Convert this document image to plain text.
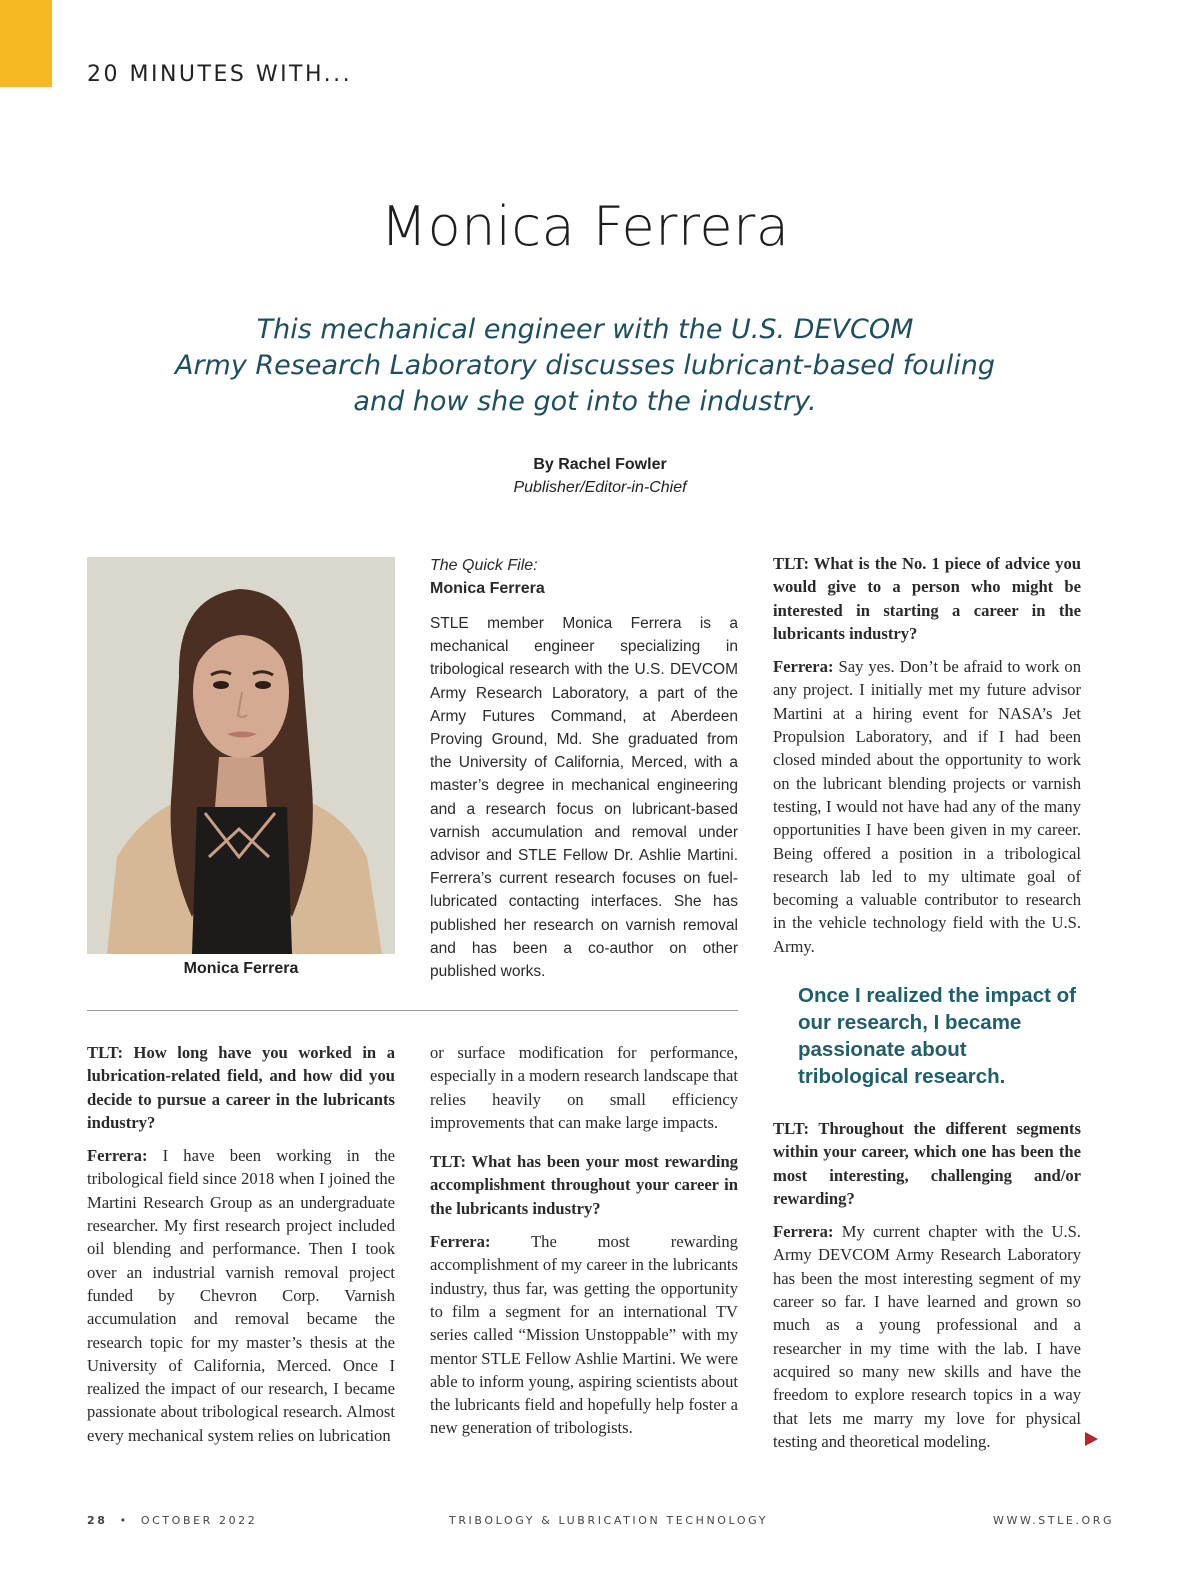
20 MINUTES WITH...
Monica Ferrera
This mechanical engineer with the U.S. DEVCOM
Army Research Laboratory discusses lubricant-based fouling
and how she got into the industry.
By Rachel Fowler
Publisher/Editor-in-Chief
Monica Ferrera
The Quick File:
Monica Ferrera

STLE member Monica Ferrera is a mechanical engineer specializing in tribological research with the U.S. DEVCOM Army Research Laboratory, a part of the Army Futures Command, at Aberdeen Proving Ground, Md. She graduated from the University of California, Merced, with a master’s degree in mechanical engineering and a research focus on lubricant-based varnish accumulation and removal under advisor and STLE Fellow Dr. Ashlie Martini. Ferrera’s current research focuses on fuel-lubricated contacting interfaces. She has published her research on varnish removal and has been a co-author on other published works.

TLT: How long have you worked in a lubrication-related field, and how did you decide to pursue a career in the lubricants industry?

Ferrera: I have been working in the tribological field since 2018 when I joined the Martini Research Group as an undergraduate researcher. My first research project included oil blending and performance. Then I took over an industrial varnish removal project funded by Chevron Corp. Varnish accumulation and removal became the research topic for my master’s thesis at the University of California, Merced. Once I realized the impact of our research, I became passionate about tribological research. Almost every mechanical system relies on lubrication

or surface modification for performance, especially in a modern research landscape that relies heavily on small efficiency improvements that can make large impacts.

TLT: What has been your most rewarding accomplishment throughout your career in the lubricants industry?

Ferrera: The most rewarding accomplishment of my career in the lubricants industry, thus far, was getting the opportunity to film a segment for an international TV series called “Mission Unstoppable” with my mentor STLE Fellow Ashlie Martini. We were able to inform young, aspiring scientists about the lubricants field and hopefully help foster a new generation of tribologists.

TLT: What is the No. 1 piece of advice you would give to a person who might be interested in starting a career in the lubricants industry?

Ferrera: Say yes. Don’t be afraid to work on any project. I initially met my future advisor Martini at a hiring event for NASA’s Jet Propulsion Laboratory, and if I had been closed minded about the opportunity to work on the lubricant blending projects or varnish testing, I would not have had any of the many opportunities I have been given in my career. Being offered a position in a tribological research lab led to my ultimate goal of becoming a valuable contributor to research in the vehicle technology field with the U.S. Army.

Once I realized the impact of our research, I became passionate about tribological research.

TLT: Throughout the different segments within your career, which one has been the most interesting, challenging and/or rewarding?

Ferrera: My current chapter with the U.S. Army DEVCOM Army Research Laboratory has been the most interesting segment of my career so far. I have learned and grown so much as a young professional and a researcher in my time with the lab. I have acquired so many new skills and have the freedom to explore research topics in a way that lets me marry my love for physical testing and theoretical modeling.

28 • OCTOBER 2022	TRIBOLOGY & LUBRICATION TECHNOLOGY	WWW.STLE.ORG
